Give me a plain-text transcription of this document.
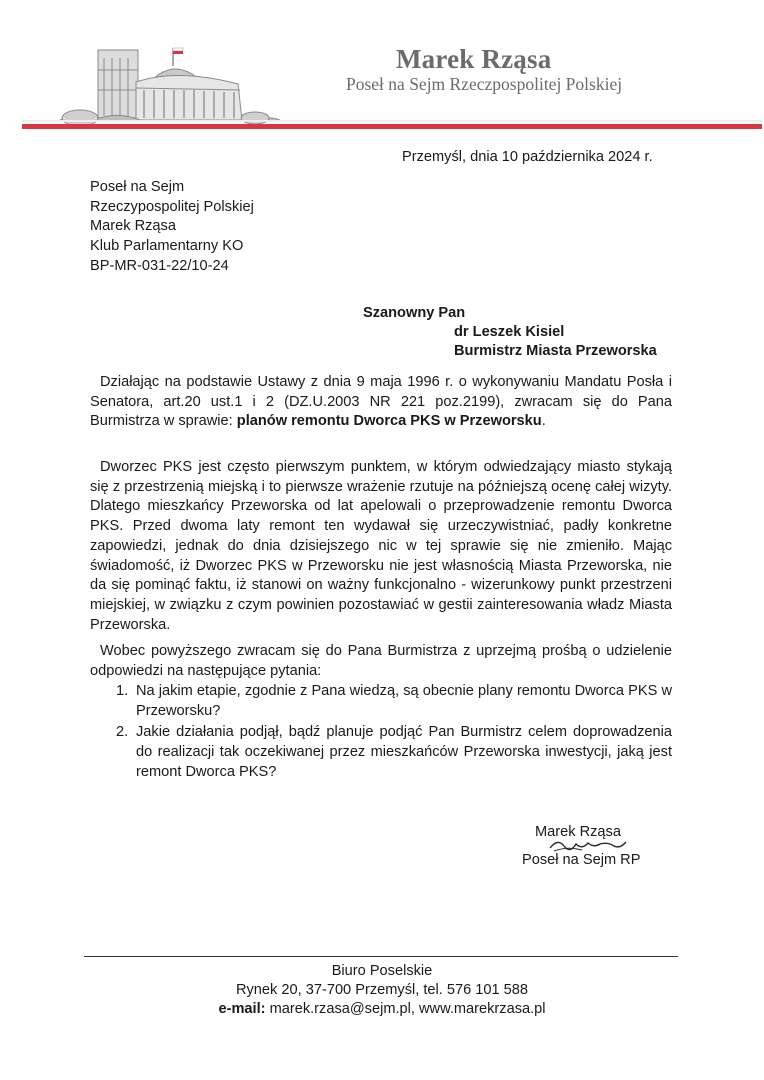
Marek Rząsa
Poseł na Sejm Rzeczpospolitej Polskiej
Przemyśl, dnia 10 października 2024 r.
Poseł na Sejm
Rzeczypospolitej Polskiej
Marek Rząsa
Klub Parlamentarny KO
BP-MR-031-22/10-24
Szanowny Pan
dr Leszek Kisiel
Burmistrz Miasta Przeworska
Działając na podstawie Ustawy z dnia 9 maja 1996 r. o wykonywaniu Mandatu Posła i Senatora, art.20 ust.1 i 2 (DZ.U.2003 NR 221 poz.2199), zwracam się do Pana Burmistrza w sprawie: planów remontu Dworca PKS w Przeworsku.
Dworzec PKS jest często pierwszym punktem, w którym odwiedzający miasto stykają się z przestrzenią miejską i to pierwsze wrażenie rzutuje na późniejszą ocenę całej wizyty. Dlatego mieszkańcy Przeworska od lat apelowali o przeprowadzenie remontu Dworca PKS. Przed dwoma laty remont ten wydawał się urzeczywistniać, padły konkretne zapowiedzi, jednak do dnia dzisiejszego nic w tej sprawie się nie zmieniło. Mając świadomość, iż Dworzec PKS w Przeworsku nie jest własnością Miasta Przeworska, nie da się pominąć faktu, iż stanowi on ważny funkcjonalno - wizerunkowy punkt przestrzeni miejskiej, w związku z czym powinien pozostawiać w gestii zainteresowania władz Miasta Przeworska.
Wobec powyższego zwracam się do Pana Burmistrza z uprzejmą prośbą o udzielenie odpowiedzi na następujące pytania:
1. Na jakim etapie, zgodnie z Pana wiedzą, są obecnie plany remontu Dworca PKS w Przeworsku?
2. Jakie działania podjął, bądź planuje podjąć Pan Burmistrz celem doprowadzenia do realizacji tak oczekiwanej przez mieszkańców Przeworska inwestycji, jaką jest remont Dworca PKS?
Marek Rząsa
Poseł na Sejm RP
Biuro Poselskie
Rynek 20, 37-700 Przemyśl, tel. 576 101 588
e-mail: marek.rzasa@sejm.pl, www.marekrzasa.pl
